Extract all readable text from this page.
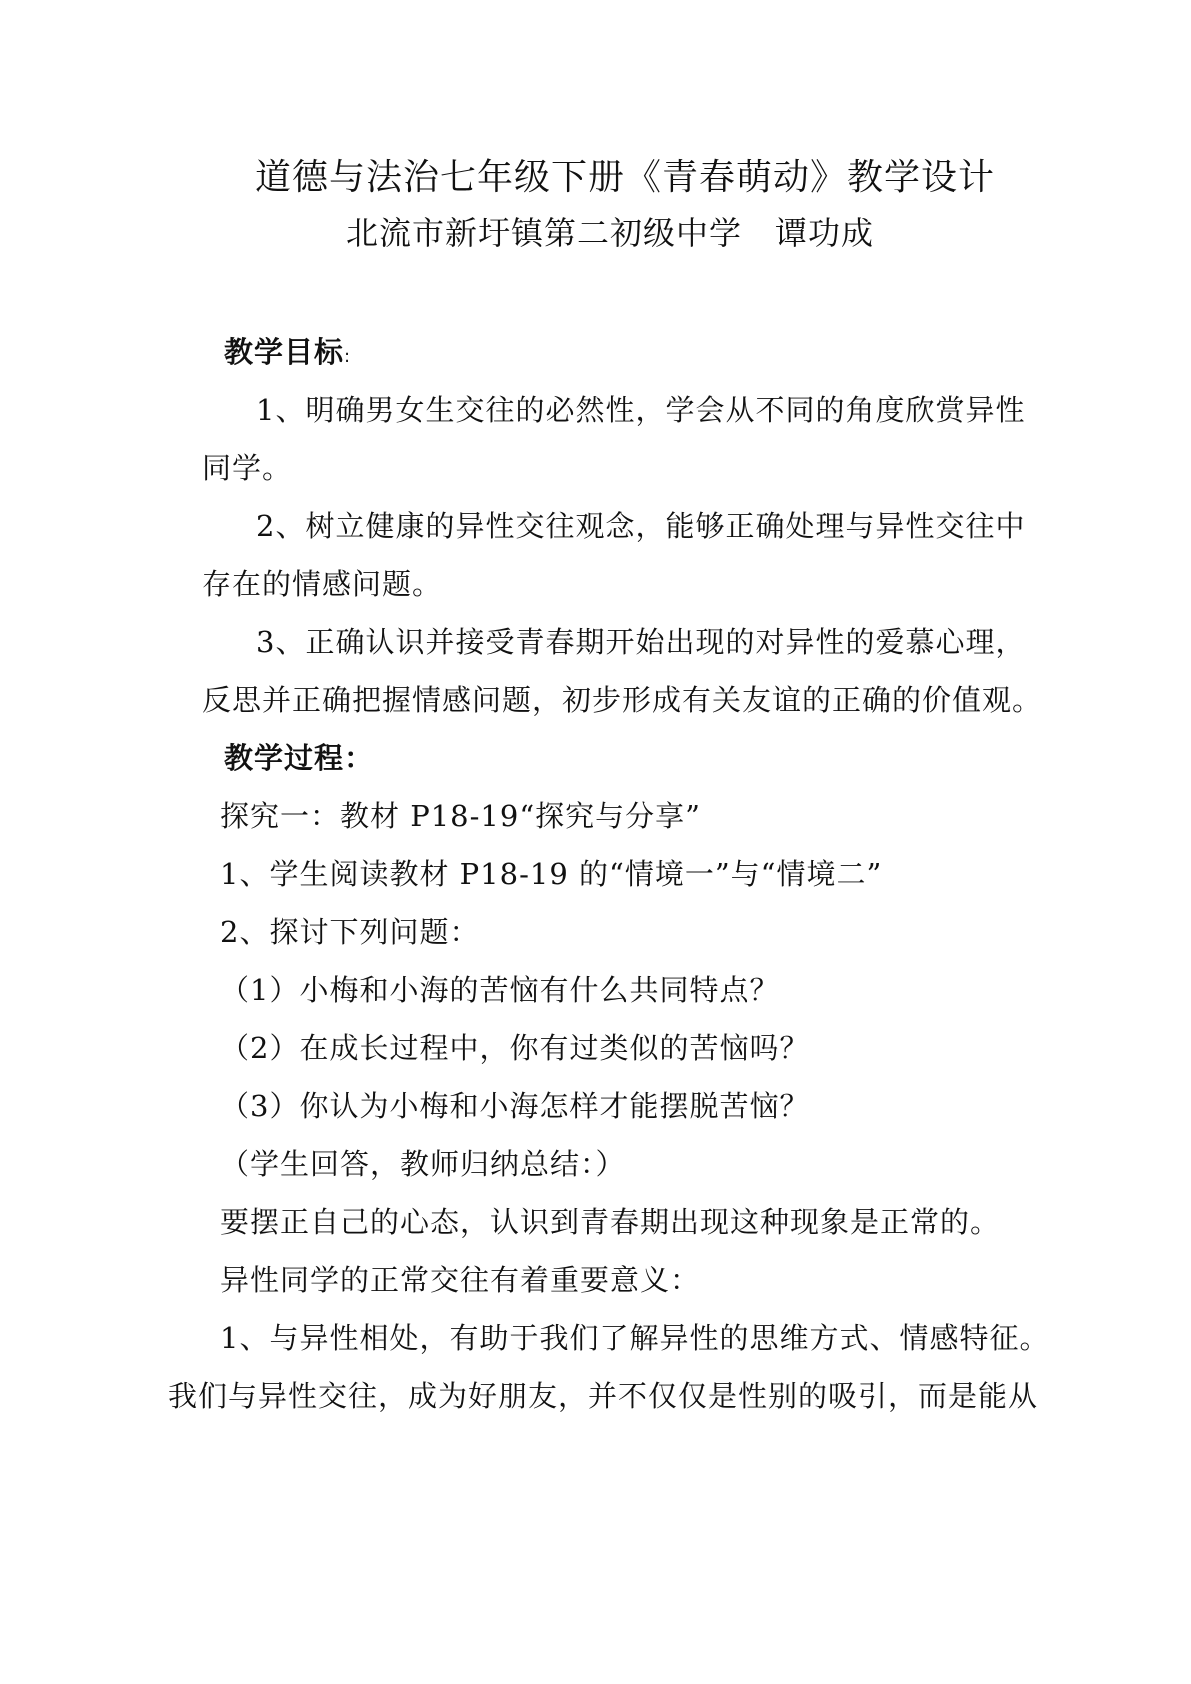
道德与法治七年级下册《青春萌动》教学设计
北流市新圩镇第二初级中学　谭功成
教学目标:
1、明确男女生交往的必然性，学会从不同的角度欣赏异性
同学。
2、树立健康的异性交往观念，能够正确处理与异性交往中
存在的情感问题。
3、正确认识并接受青春期开始出现的对异性的爱慕心理，
反思并正确把握情感问题，初步形成有关友谊的正确的价值观。
教学过程：
探究一：教材 P18-19“探究与分享”
1、学生阅读教材 P18-19 的“情境一”与“情境二”
2、探讨下列问题：
（1）小梅和小海的苦恼有什么共同特点？
（2）在成长过程中，你有过类似的苦恼吗？
（3）你认为小梅和小海怎样才能摆脱苦恼？
（学生回答，教师归纳总结：）
要摆正自己的心态，认识到青春期出现这种现象是正常的。
异性同学的正常交往有着重要意义：
1、与异性相处，有助于我们了解异性的思维方式、情感特征。
我们与异性交往，成为好朋友，并不仅仅是性别的吸引，而是能从
